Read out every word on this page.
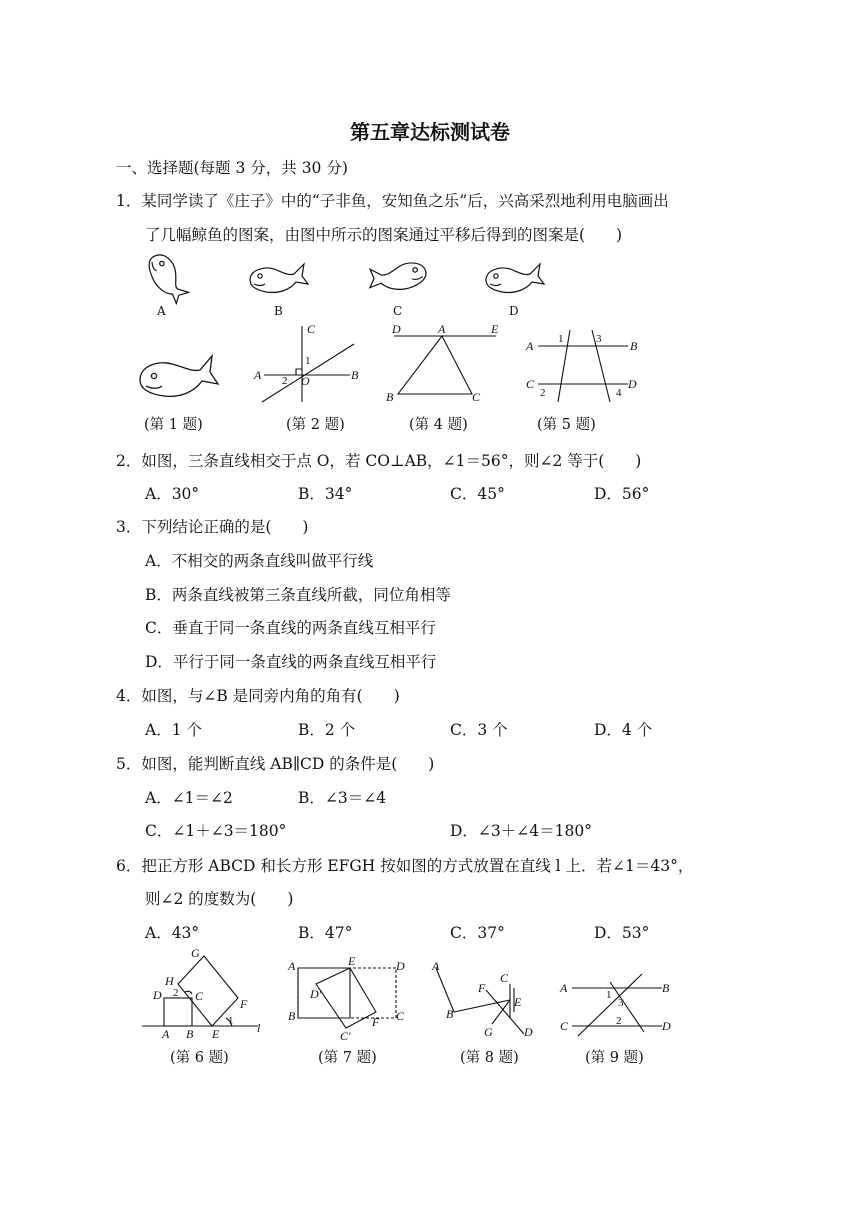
第五章达标测试卷
一、选择题(每题 3 分，共 30 分)
1．某同学读了《庄子》中的“子非鱼，安知鱼之乐”后，兴高采烈地利用电脑画出
了几幅鲸鱼的图案，由图中所示的图案通过平移后得到的图案是(　　)
A	B	C	D
C
A	B
O
1
2
D	A	E
B	C
A	B
C	D
1	3
2	4
(第 1 题)	(第 2 题)	(第 4 题)	(第 5 题)
2．如图，三条直线相交于点 O，若 CO⊥AB，∠1＝56°，则∠2 等于(　　)
A．30°	B．34°	C．45°	D．56°
3．下列结论正确的是(　　)
A．不相交的两条直线叫做平行线
B．两条直线被第三条直线所截，同位角相等
C．垂直于同一条直线的两条直线互相平行
D．平行于同一条直线的两条直线互相平行
4．如图，与∠B 是同旁内角的角有(　　)
A．1 个	B．2 个	C．3 个	D．4 个
5．如图，能判断直线 AB∥CD 的条件是(　　)
A．∠1＝∠2	B．∠3＝∠4
C．∠1＋∠3＝180°	D．∠3＋∠4＝180°
6．把正方形 ABCD 和长方形 EFGH 按如图的方式放置在直线 l 上．若∠1＝43°，
则∠2 的度数为(　　)
A．43°	B．47°	C．37°	D．53°
G
H
D 2 C
F
1
A B E	l
A	E	D
D′
B	F C
C′
A
B
F
C
E
G	D
A	B
C	D
1
3
2
(第 6 题)	(第 7 题)	(第 8 题)	(第 9 题)
